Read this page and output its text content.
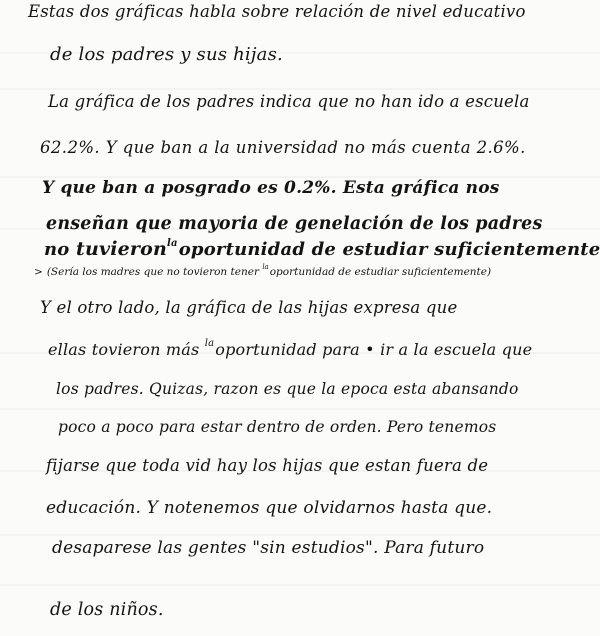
Estas dos gráficas habla sobre relación de nivel educativo
de los padres y sus hijas.
La gráfica de los padres indica que no han ido a escuela
62.2%. Y que ban a la universidad no más cuenta 2.6%.
Y que ban a posgrado es 0.2%. Esta gráfica nos
enseñan que mayoria de genelación de los padres
no tuvieron$^{la}$oportunidad de estudiar suficientemente
> (Sería los madres que no tovieron tener $^{la}$oportunidad de estudiar suficientemente)
Y el otro lado, la gráfica de las hijas expresa que
ellas tovieron más $^{la}$oportunidad para • ir a la escuela que
los padres. Quizas, razon es que la epoca esta abansando
poco a poco para estar dentro de orden. Pero tenemos
fijarse que toda vid hay los hijas que estan fuera de
educación. Y notenemos que olvidarnos hasta que.
desaparese las gentes "sin estudios". Para futuro
de los niños.
